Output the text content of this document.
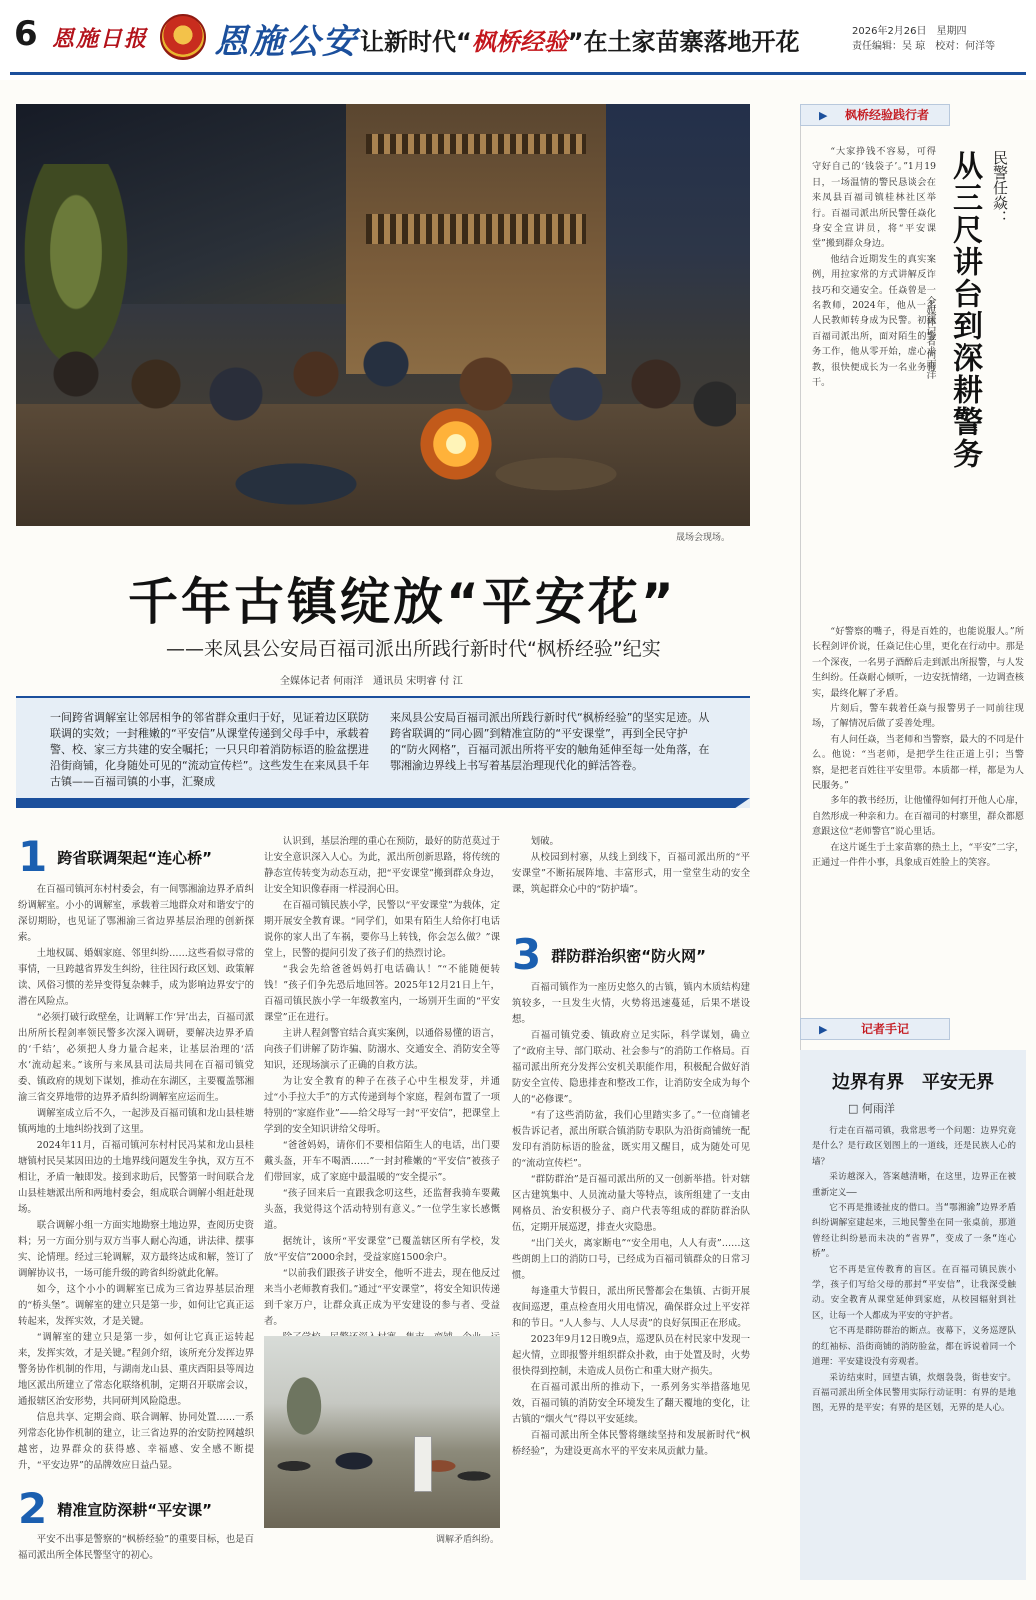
6 恩施日报 恩施公安 让新时代“枫桥经验”在土家苗寨落地开花	2026年2月26日　 星期四
责任编辑：吴 琼　 校对：何洋等
晟场会现场。
千年古镇绽放“平安花”
——来凤县公安局百福司派出所践行新时代“枫桥经验”纪实
全媒体记者 何雨洋　通讯员 宋明睿 付 江
一间跨省调解室让邻居相争的邻省群众重归于好，见证着边区联防联调的实效；一封稚嫩的“平安信”从课堂传递到父母手中，承载着警、校、家三方共建的安全嘱托；一只只印着消防标语的脸盆摆进沿街商铺，化身随处可见的“流动宣传栏”。这些发生在来凤县千年古镇——百福司镇的小事，汇聚成
来凤县公安局百福司派出所践行新时代“枫桥经验”的坚实足迹。从跨省联调的“同心圆”到精准宣防的“平安课堂”，再到全民守护的“防火网格”，百福司派出所将平安的触角延伸至每一处角落，在鄂湘渝边界线上书写着基层治理现代化的鲜活答卷。
1 跨省联调架起“连心桥”

在百福司镇河东村村委会，有一间鄂湘渝边界矛盾纠纷调解室。小小的调解室，承载着三地群众对和谐安宁的深切期盼，也见证了鄂湘渝三省边界基层治理的创新探索。

土地权属、婚姻家庭、邻里纠纷……这些看似寻常的事情，一旦跨越省界发生纠纷，往往因行政区划、政策解读、风俗习惯的差异变得复杂棘手，成为影响边界安宁的潜在风险点。

“必须打破行政壁垒，让调解工作‘异’出去，百福司派出所所长程剑率领民警多次深入调研，要解决边界矛盾的‘千结’，必须把人身力量合起来，让基层治理的‘活水’流动起来。”该所与来凤县司法局共同在百福司镇党委、镇政府的规划下谋划，推动在东湖区，主要覆盖鄂湘渝三省交界地带的边界矛盾纠纷调解室应运而生。

调解室成立后不久，一起涉及百福司镇和龙山县桂塘镇两地的土地纠纷找到了这里。

2024年11月，百福司镇河东村村民冯某和龙山县桂塘镇村民吴某因田边的土地界线问题发生争执，双方互不相让，矛盾一触即发。接到求助后，民警第一时间联合龙山县桂塘派出所和两地村委会，组成联合调解小组赶赴现场。

联合调解小组一方面实地勘察土地边界，查阅历史资料；另一方面分别与双方当事人耐心沟通，讲法律、摆事实、论情理。经过三轮调解，双方最终达成和解，签订了调解协议书，一场可能升级的跨省纠纷就此化解。

如今，这个小小的调解室已成为三省边界基层治理的“桥头堡”。调解室的建立只是第一步，如何让它真正运转起来，发挥实效，才是关键。

“调解室的建立只是第一步，如何让它真正运转起来，发挥实效，才是关键。”程剑介绍，该所充分发挥边界警务协作机制的作用，与湖南龙山县、重庆酉阳县等周边地区派出所建立了常态化联络机制，定期召开联席会议，通报辖区治安形势，共同研判风险隐患。

信息共享、定期会商、联合调解、协同处置……一系列常态化协作机制的建立，让三省边界的治安防控网越织越密，边界群众的获得感、幸福感、安全感不断提升，“平安边界”的品牌效应日益凸显。

2 精准宣防深耕“平安课”

平安不出事是警察的“枫桥经验”的重要目标，也是百福司派出所全体民警坚守的初心。

认识到，基层治理的重心在预防，最好的防范莫过于让安全意识深入人心。为此，派出所创新思路，将传统的静态宣传转变为动态互动，把“平安课堂”搬到群众身边，让安全知识像春雨一样浸润心田。

在百福司镇民族小学，民警以“平安课堂”为载体，定期开展安全教育课。“同学们，如果有陌生人给你打电话说你的家人出了车祸，要你马上转钱，你会怎么做？”课堂上，民警的提问引发了孩子们的热烈讨论。

“我会先给爸爸妈妈打电话确认！”“不能随便转钱！”孩子们争先恐后地回答。2025年12月21日上午，百福司镇民族小学一年级教室内，一场别开生面的“平安课堂”正在进行。

主讲人程剑警官结合真实案例，以通俗易懂的语言，向孩子们讲解了防诈骗、防溺水、交通安全、消防安全等知识，还现场演示了正确的自救方法。

为让安全教育的种子在孩子心中生根发芽，并通过“小手拉大手”的方式传递到每个家庭，程剑布置了一项特别的“家庭作业”——给父母写一封“平安信”，把课堂上学到的安全知识讲给父母听。

“爸爸妈妈，请你们不要相信陌生人的电话，出门要戴头盔，开车不喝酒……”一封封稚嫩的“平安信”被孩子们带回家，成了家庭中最温暖的“安全提示”。

“孩子回来后一直跟我念叨这些，还监督我骑车要戴头盔，我觉得这个活动特别有意义。”一位学生家长感慨道。

据统计，该所“平安课堂”已覆盖辖区所有学校，发放“平安信”2000余封，受益家庭1500余户。

“以前我们跟孩子讲安全，他听不进去，现在他反过来当小老师教育我们。”通过“平安课堂”，将安全知识传递到千家万户，让群众真正成为平安建设的参与者、受益者。

调解矛盾纠纷。

划破。

从校园到村寨，从线上到线下，百福司派出所的“平安课堂”不断拓展阵地、丰富形式，用一堂堂生动的安全课，筑起群众心中的“防护墙”。

3 群防群治织密“防火网”

百福司镇作为一座历史悠久的古镇，镇内木质结构建筑较多，一旦发生火情，火势将迅速蔓延，后果不堪设想。

百福司镇党委、镇政府立足实际，科学谋划，确立了“政府主导、部门联动、社会参与”的消防工作格局。百福司派出所充分发挥公安机关职能作用，积极配合做好消防安全宣传、隐患排查和整改工作，让消防安全成为每个人的“必修课”。

“有了这些消防盆，我们心里踏实多了。”一位商铺老板告诉记者，派出所联合镇消防专职队为沿街商铺统一配发印有消防标语的脸盆，既实用又醒目，成为随处可见的“流动宣传栏”。

“群防群治”是百福司派出所的又一创新举措。针对辖区古建筑集中、人员流动量大等特点，该所组建了一支由网格员、治安积极分子、商户代表等组成的群防群治队伍，定期开展巡逻，排查火灾隐患。

“出门关火，离家断电”“安全用电，人人有责”……这些朗朗上口的消防口号，已经成为百福司镇群众的日常习惯。

每逢重大节假日，派出所民警都会在集镇、古街开展夜间巡逻，重点检查用火用电情况，确保群众过上平安祥和的节日。“人人参与、人人尽责”的良好氛围正在形成。

2023年9月12日晚9点，巡逻队员在村民家中发现一起火情，立即报警并组织群众扑救，由于处置及时，火势很快得到控制，未造成人员伤亡和重大财产损失。

在百福司派出所的推动下，一系列务实举措落地见效，百福司镇的消防安全环境发生了翻天覆地的变化，让古镇的“烟火气”得以平安延续。

百福司派出所全体民警将继续坚持和发展新时代“枫桥经验”，为建设更高水平的平安来凤贡献力量。

▶ 枫桥经验践行者
民警任焱：
从三尺讲台到深耕警务
全媒体记者 何雨洋

“大家挣钱不容易，可得守好自己的‘钱袋子’。”1月19日，一场温情的警民恳谈会在来凤县百福司镇桂林社区举行。百福司派出所民警任焱化身安全宣讲员，将“平安课堂”搬到群众身边。

他结合近期发生的真实案例，用拉家常的方式讲解反诈技巧和交通安全。任焱曾是一名教师，2024年，他从一名人民教师转身成为民警。初到百福司派出所，面对陌生的警务工作，他从零开始，虚心求教，很快便成长为一名业务骨干。

“好警察的嘴子，得是百姓的，也能说服人。”所长程剑评价说，任焱记住心里，更化在行动中。那是一个深夜，一名男子酒醉后走到派出所报警，与人发生纠纷。任焱耐心倾听，一边安抚情绪，一边调查核实，最终化解了矛盾。

片刻后，警车载着任焱与报警男子一同前往现场，了解情况后做了妥善处理。

有人问任焱，当老师和当警察，最大的不同是什么。他说：“当老师，是把学生往正道上引；当警察，是把老百姓往平安里带。本质都一样，都是为人民服务。”

多年的教书经历，让他懂得如何打开他人心扉，自然形成一种亲和力。在百福司的村寨里，群众都愿意跟这位“老师警官”说心里话。

在这片诞生于土家苗寨的热土上，“平安”二字，正通过一件件小事，具象成百姓脸上的笑容。

▶ 记者手记
边界有界　平安无界
□ 何雨洋

行走在百福司镇，我常思考一个问题：边界究竟是什么？是行政区划图上的一道线，还是民族人心的墙？

采访越深入，答案越清晰，在这里，边界正在被重新定义——

它不再是推诿扯皮的借口。当“鄂湘渝”边界矛盾纠纷调解室建起来，三地民警坐在同一张桌前，那道曾经让纠纷悬而未决的“省界”，变成了一条“连心桥”。

它不再是宣传教育的盲区。在百福司镇民族小学，孩子们写给父母的那封“平安信”，让我深受触动。安全教育从课堂延伸到家庭，从校园辐射到社区，让每一个人都成为平安的守护者。

它不再是群防群治的断点。夜幕下，义务巡逻队的红袖标、沿街商铺的消防脸盆，都在诉说着同一个道理：平安建设没有旁观者。

采访结束时，回望古镇，炊烟袅袅，街巷安宁。百福司派出所全体民警用实际行动证明：有界的是地图，无界的是平安；有界的是区划，无界的是人心。
